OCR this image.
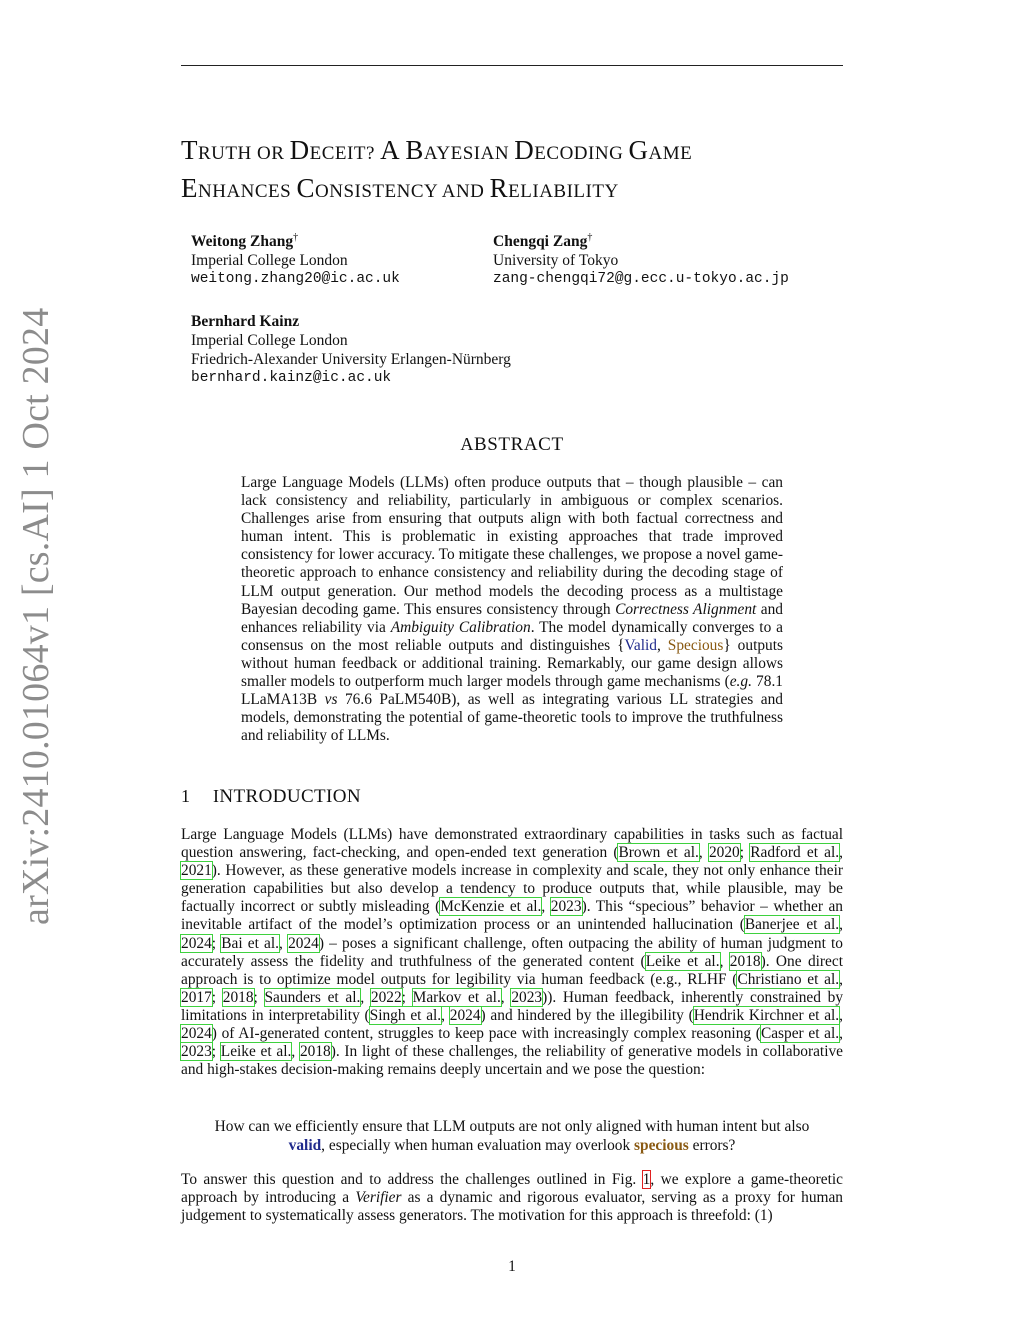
arXiv:2410.01064v1 [cs.AI] 1 Oct 2024
TRUTH OR DECEIT? A BAYESIAN DECODING GAME
ENHANCES CONSISTENCY AND RELIABILITY
Weitong Zhang†
Imperial College London
weitong.zhang20@ic.ac.uk
Chengqi Zang†
University of Tokyo
zang-chengqi72@g.ecc.u-tokyo.ac.jp
Bernhard Kainz
Imperial College London
Friedrich-Alexander University Erlangen-Nürnberg
bernhard.kainz@ic.ac.uk
ABSTRACT
Large Language Models (LLMs) often produce outputs that – though plausible – can lack consistency and reliability, particularly in ambiguous or complex scenarios. Challenges arise from ensuring that outputs align with both factual correctness and human intent. This is problematic in existing approaches that trade improved consistency for lower accuracy. To mitigate these challenges, we propose a novel game-theoretic approach to enhance consistency and reliability during the decoding stage of LLM output generation. Our method models the decoding process as a multistage Bayesian decoding game. This ensures consistency through Correctness Alignment and enhances reliability via Ambiguity Calibration. The model dynamically converges to a consensus on the most reliable outputs and distinguishes {Valid, Specious} outputs without human feedback or additional training. Remarkably, our game design allows smaller models to outperform much larger models through game mechanisms (e.g. 78.1 LLaMA13B vs 76.6 PaLM540B), as well as integrating various LL strategies and models, demonstrating the potential of game-theoretic tools to improve the truthfulness and reliability of LLMs.
1 INTRODUCTION
Large Language Models (LLMs) have demonstrated extraordinary capabilities in tasks such as factual question answering, fact-checking, and open-ended text generation (Brown et al., 2020; Radford et al., 2021). However, as these generative models increase in complexity and scale, they not only enhance their generation capabilities but also develop a tendency to produce outputs that, while plausible, may be factually incorrect or subtly misleading (McKenzie et al., 2023). This “specious” behavior – whether an inevitable artifact of the model’s optimization process or an unintended hallucination (Banerjee et al., 2024; Bai et al., 2024) – poses a significant challenge, often outpacing the ability of human judgment to accurately assess the fidelity and truthfulness of the generated content (Leike et al., 2018). One direct approach is to optimize model outputs for legibility via human feedback (e.g., RLHF (Christiano et al., 2017; 2018; Saunders et al., 2022; Markov et al., 2023)). Human feedback, inherently constrained by limitations in interpretability (Singh et al., 2024) and hindered by the illegibility (Hendrik Kirchner et al., 2024) of AI-generated content, struggles to keep pace with increasingly complex reasoning (Casper et al., 2023; Leike et al., 2018). In light of these challenges, the reliability of generative models in collaborative and high-stakes decision-making remains deeply uncertain and we pose the question:
How can we efficiently ensure that LLM outputs are not only aligned with human intent but also
valid, especially when human evaluation may overlook specious errors?
To answer this question and to address the challenges outlined in Fig. 1, we explore a game-theoretic approach by introducing a Verifier as a dynamic and rigorous evaluator, serving as a proxy for human judgement to systematically assess generators. The motivation for this approach is threefold: (1)
1
